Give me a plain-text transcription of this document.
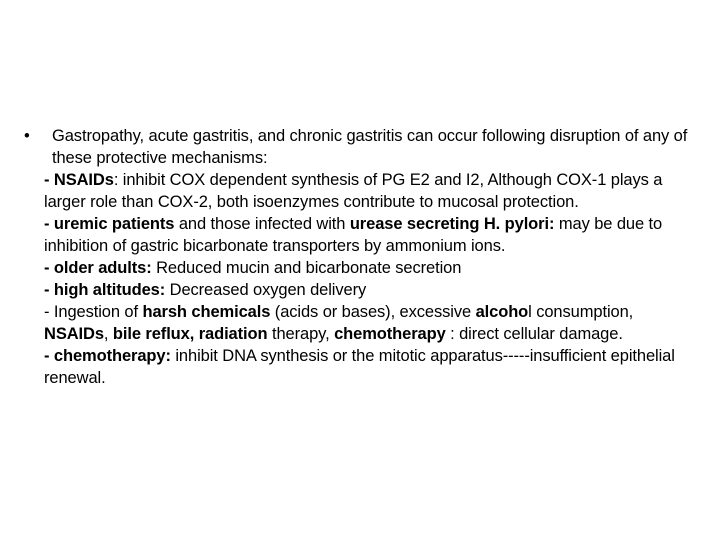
•	Gastropathy, acute gastritis, and chronic gastritis can occur following disruption of any of these protective mechanisms:

- NSAIDs: inhibit COX dependent synthesis of PG E2 and I2, Although COX-1 plays a larger role than COX-2, both isoenzymes contribute to mucosal protection.

- uremic patients and those infected with urease secreting H. pylori: may be due to inhibition of gastric bicarbonate transporters by ammonium ions.

- older adults: Reduced mucin and bicarbonate secretion

- high altitudes: Decreased oxygen delivery

- Ingestion of harsh chemicals (acids or bases), excessive alcohol consumption, NSAIDs, bile reflux, radiation therapy, chemotherapy : direct cellular damage.

- chemotherapy: inhibit DNA synthesis or the mitotic apparatus-----insufficient epithelial renewal.
